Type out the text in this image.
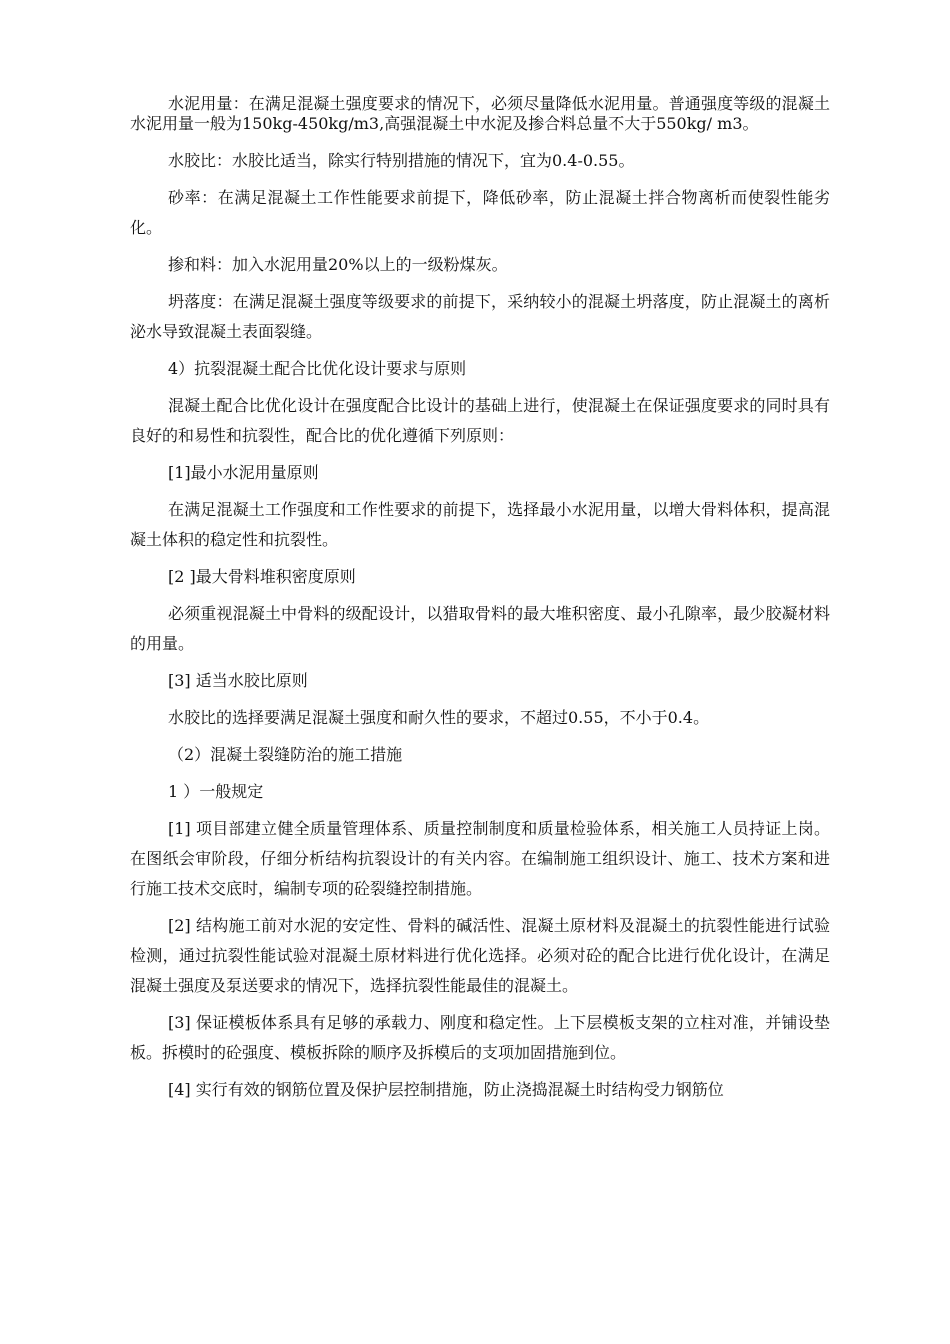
水泥用量：在满足混凝土强度要求的情况下，必须尽量降低水泥用量。普通强度等级的混凝土水泥用量一般为150kg-450kg/m3,高强混凝土中水泥及掺合料总量不大于550kg/ m3。

水胶比：水胶比适当，除实行特别措施的情况下，宜为0.4-0.55。

砂率：在满足混凝土工作性能要求前提下，降低砂率，防止混凝土拌合物离析而使裂性能劣化。

掺和料：加入水泥用量20%以上的一级粉煤灰。

坍落度：在满足混凝土强度等级要求的前提下，采纳较小的混凝土坍落度，防止混凝土的离析泌水导致混凝土表面裂缝。

4）抗裂混凝土配合比优化设计要求与原则

混凝土配合比优化设计在强度配合比设计的基础上进行，使混凝土在保证强度要求的同时具有良好的和易性和抗裂性，配合比的优化遵循下列原则：

[1]最小水泥用量原则

在满足混凝土工作强度和工作性要求的前提下，选择最小水泥用量，以增大骨料体积，提高混凝土体积的稳定性和抗裂性。

[2 ]最大骨料堆积密度原则

必须重视混凝土中骨料的级配设计，以猎取骨料的最大堆积密度、最小孔隙率，最少胶凝材料的用量。

[3] 适当水胶比原则

水胶比的选择要满足混凝土强度和耐久性的要求，不超过0.55，不小于0.4。

（2）混凝土裂缝防治的施工措施

1 ）一般规定

[1] 项目部建立健全质量管理体系、质量控制制度和质量检验体系，相关施工人员持证上岗。在图纸会审阶段，仔细分析结构抗裂设计的有关内容。在编制施工组织设计、施工、技术方案和进行施工技术交底时，编制专项的砼裂缝控制措施。

[2] 结构施工前对水泥的安定性、骨料的碱活性、混凝土原材料及混凝土的抗裂性能进行试验检测，通过抗裂性能试验对混凝土原材料进行优化选择。必须对砼的配合比进行优化设计，在满足混凝土强度及泵送要求的情况下，选择抗裂性能最佳的混凝土。

[3] 保证模板体系具有足够的承载力、刚度和稳定性。上下层模板支架的立柱对准，并铺设垫板。拆模时的砼强度、模板拆除的顺序及拆模后的支项加固措施到位。

[4] 实行有效的钢筋位置及保护层控制措施，防止浇捣混凝土时结构受力钢筋位
